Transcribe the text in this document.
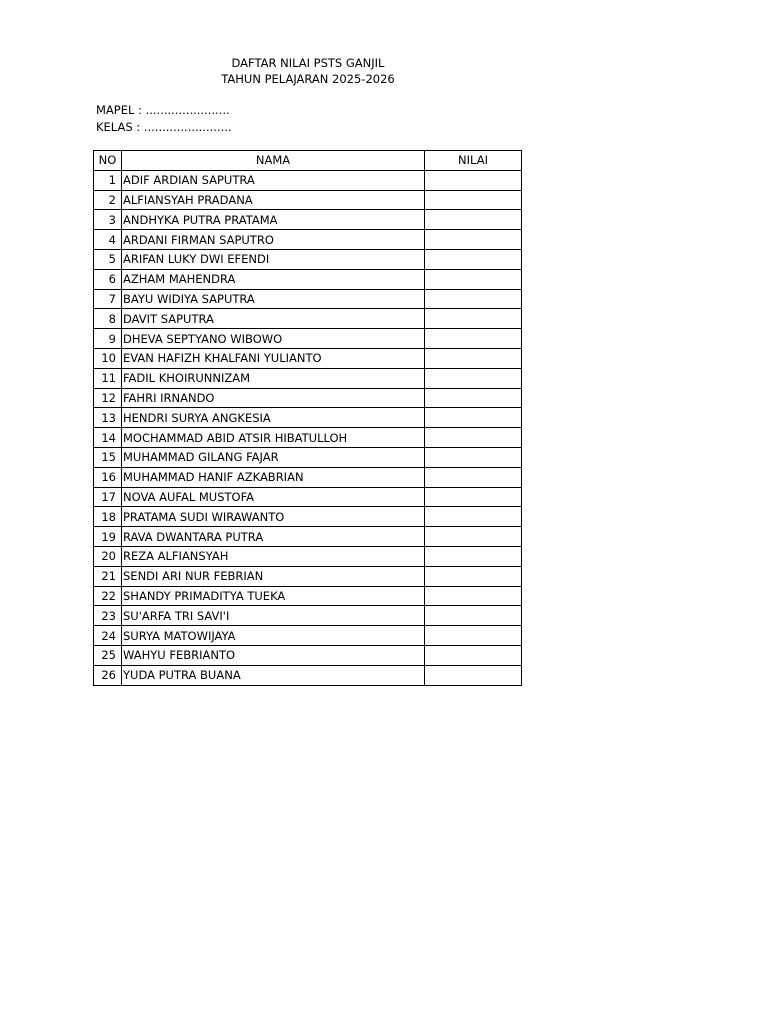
DAFTAR NILAI PSTS GANJIL
TAHUN PELAJARAN 2025-2026
MAPEL : .......................
KELAS : ........................
NO	NAMA	NILAI
1	ADIF ARDIAN SAPUTRA	
2	ALFIANSYAH PRADANA	
3	ANDHYKA PUTRA PRATAMA	
4	ARDANI FIRMAN SAPUTRO	
5	ARIFAN LUKY DWI EFENDI	
6	AZHAM MAHENDRA	
7	BAYU WIDIYA SAPUTRA	
8	DAVIT SAPUTRA	
9	DHEVA SEPTYANO WIBOWO	
10	EVAN HAFIZH KHALFANI YULIANTO	
11	FADIL KHOIRUNNIZAM	
12	FAHRI IRNANDO	
13	HENDRI SURYA ANGKESIA	
14	MOCHAMMAD ABID ATSIR HIBATULLOH	
15	MUHAMMAD GILANG FAJAR	
16	MUHAMMAD HANIF AZKABRIAN	
17	NOVA AUFAL MUSTOFA	
18	PRATAMA SUDI WIRAWANTO	
19	RAVA DWANTARA PUTRA	
20	REZA ALFIANSYAH	
21	SENDI ARI NUR FEBRIAN	
22	SHANDY PRIMADITYA TUEKA	
23	SU'ARFA TRI SAVI'I	
24	SURYA MATOWIJAYA	
25	WAHYU FEBRIANTO	
26	YUDA PUTRA BUANA	
